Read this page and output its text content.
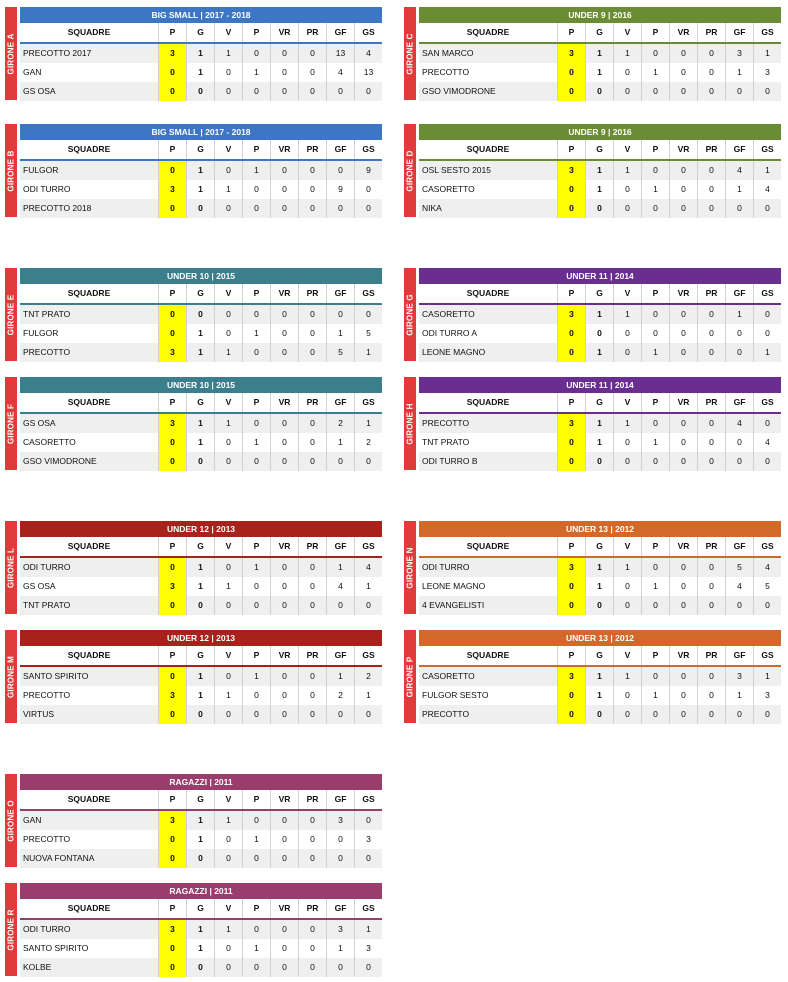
GIRONE A
BIG SMALL | 2017 - 2018
SQUADRE	P	G	V	P	VR	PR	GF	GS
PRECOTTO 2017	3	1	1	0	0	0	13	4
GAN	0	1	0	1	0	0	4	13
GS OSA	0	0	0	0	0	0	0	0
GIRONE C
UNDER 9 | 2016
SQUADRE	P	G	V	P	VR	PR	GF	GS
SAN MARCO	3	1	1	0	0	0	3	1
PRECOTTO	0	1	0	1	0	0	1	3
GSO VIMODRONE	0	0	0	0	0	0	0	0
GIRONE B
BIG SMALL | 2017 - 2018
SQUADRE	P	G	V	P	VR	PR	GF	GS
FULGOR	0	1	0	1	0	0	0	9
ODI TURRO	3	1	1	0	0	0	9	0
PRECOTTO 2018	0	0	0	0	0	0	0	0
GIRONE D
UNDER 9 | 2016
SQUADRE	P	G	V	P	VR	PR	GF	GS
OSL SESTO 2015	3	1	1	0	0	0	4	1
CASORETTO	0	1	0	1	0	0	1	4
NIKA	0	0	0	0	0	0	0	0
GIRONE E
UNDER 10 | 2015
SQUADRE	P	G	V	P	VR	PR	GF	GS
TNT PRATO	0	0	0	0	0	0	0	0
FULGOR	0	1	0	1	0	0	1	5
PRECOTTO	3	1	1	0	0	0	5	1
GIRONE G
UNDER 11 | 2014
SQUADRE	P	G	V	P	VR	PR	GF	GS
CASORETTO	3	1	1	0	0	0	1	0
ODI TURRO A	0	0	0	0	0	0	0	0
LEONE MAGNO	0	1	0	1	0	0	0	1
GIRONE F
UNDER 10 | 2015
SQUADRE	P	G	V	P	VR	PR	GF	GS
GS OSA	3	1	1	0	0	0	2	1
CASORETTO	0	1	0	1	0	0	1	2
GSO VIMODRONE	0	0	0	0	0	0	0	0
GIRONE H
UNDER 11 | 2014
SQUADRE	P	G	V	P	VR	PR	GF	GS
PRECOTTO	3	1	1	0	0	0	4	0
TNT PRATO	0	1	0	1	0	0	0	4
ODI TURRO B	0	0	0	0	0	0	0	0
GIRONE L
UNDER 12 | 2013
SQUADRE	P	G	V	P	VR	PR	GF	GS
ODI TURRO	0	1	0	1	0	0	1	4
GS OSA	3	1	1	0	0	0	4	1
TNT PRATO	0	0	0	0	0	0	0	0
GIRONE N
UNDER 13 | 2012
SQUADRE	P	G	V	P	VR	PR	GF	GS
ODI TURRO	3	1	1	0	0	0	5	4
LEONE MAGNO	0	1	0	1	0	0	4	5
4 EVANGELISTI	0	0	0	0	0	0	0	0
GIRONE M
UNDER 12 | 2013
SQUADRE	P	G	V	P	VR	PR	GF	GS
SANTO SPIRITO	0	1	0	1	0	0	1	2
PRECOTTO	3	1	1	0	0	0	2	1
VIRTUS	0	0	0	0	0	0	0	0
GIRONE P
UNDER 13 | 2012
SQUADRE	P	G	V	P	VR	PR	GF	GS
CASORETTO	3	1	1	0	0	0	3	1
FULGOR SESTO	0	1	0	1	0	0	1	3
PRECOTTO	0	0	0	0	0	0	0	0
GIRONE O
RAGAZZI | 2011
SQUADRE	P	G	V	P	VR	PR	GF	GS
GAN	3	1	1	0	0	0	3	0
PRECOTTO	0	1	0	1	0	0	0	3
NUOVA FONTANA	0	0	0	0	0	0	0	0
GIRONE R
RAGAZZI | 2011
SQUADRE	P	G	V	P	VR	PR	GF	GS
ODI TURRO	3	1	1	0	0	0	3	1
SANTO SPIRITO	0	1	0	1	0	0	1	3
KOLBE	0	0	0	0	0	0	0	0
